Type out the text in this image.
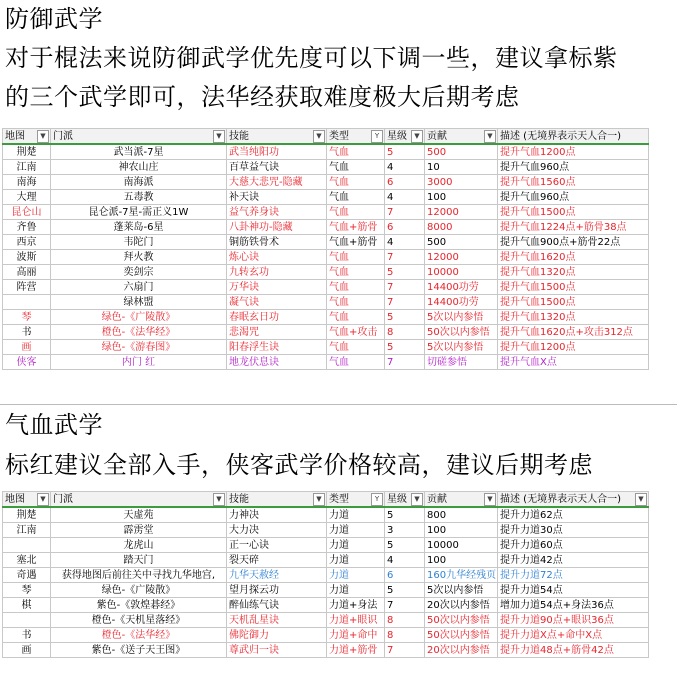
防御武学
对于棍法来说防御武学优先度可以下调一些，建议拿标紫
的三个武学即可，法华经获取难度极大后期考虑
地图 ▼	门派 ▼	技能 ▼	类型 Y	星级 ▼	贡献 ▼	描述 (无境界表示天人合一)
荆楚	武当派-7星	武当纯阳功	气血	5	500	提升气血1200点
江南	神农山庄	百草益气诀	气血	4	10	提升气血960点
南海	南海派	大慈大悲咒-隐藏	气血	6	3000	提升气血1560点
大理	五毒教	补天诀	气血	4	100	提升气血960点
昆仑山	昆仑派-7星-需正义1W	益气养身诀	气血	7	12000	提升气血1500点
齐鲁	蓬莱岛-6星	八卦神功-隐藏	气血+筋骨	6	8000	提升气血1224点+筋骨38点
西京	韦陀门	铜筋铁骨术	气血+筋骨	4	500	提升气血900点+筋骨22点
波斯	拜火教	炼心诀	气血	7	12000	提升气血1620点
高丽	奕剑宗	九转玄功	气血	5	10000	提升气血1320点
阵营	六扇门	万华诀	气血	7	14400功劳	提升气血1500点
	绿林盟	凝气诀	气血	7	14400功劳	提升气血1500点
琴	绿色-《广陵散》	春眠玄日功	气血	5	5次以内参悟	提升气血1320点
书	橙色-《法华经》	悲渴咒	气血+攻击	8	50次以内参悟	提升气血1620点+攻击312点
画	绿色-《游春图》	阳春浮生诀	气血	5	5次以内参悟	提升气血1200点
侠客	内门 红	地龙伏息诀	气血	7	切磋参悟	提升气血X点
气血武学
标红建议全部入手，侠客武学价格较高，建议后期考虑
地图 ▼	门派 ▼	技能 ▼	类型 Y	星级 ▼	贡献 ▼	描述 (无境界表示天人合一) ▼

荆楚	天虚苑	力神决	力道	5	800	提升力道62点
江南	霹雳堂	大力决	力道	3	100	提升力道30点
	龙虎山	正一心诀	力道	5	10000	提升力道60点
塞北	踏天门	裂天碎	力道	4	100	提升力道42点
奇遇	获得地图后前往关中寻找九华地宫,	九华天赦经	力道	6	160九华经残页	提升力道72点
琴	绿色-《广陵散》	望月探云功	力道	5	5次以内参悟	提升力道54点
棋	紫色-《敦煌碁经》	醉仙练气诀	力道+身法	7	20次以内参悟	增加力道54点+身法36点
	橙色-《天机星落经》	天机乱星诀	力道+眼识	8	50次以内参悟	提升力道90点+眼识36点
书	橙色-《法华经》	佛陀御力	力道+命中	8	50次以内参悟	提升力道X点+命中X点
画	紫色-《送子天王图》	尊武归一诀	力道+筋骨	7	20次以内参悟	提升力道48点+筋骨42点
